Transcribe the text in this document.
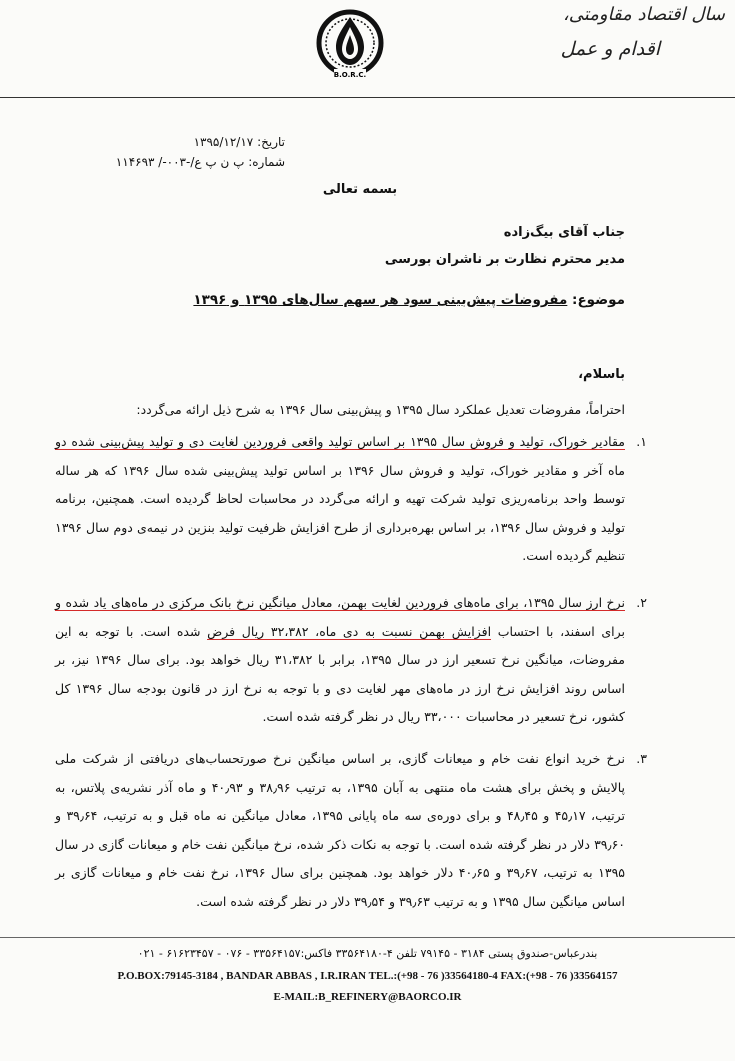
سال اقتصاد مقاومتی،
اقدام و عمل
B.O.R.C.
تاریخ: ۱۳۹۵/۱۲/۱۷
شماره: پ ن پ ع/-۰۰۳-/ ۱۱۴۶۹۳
بسمه تعالی
جناب آقای بیگ‌زاده
مدیر محترم نظارت بر ناشران بورسی
موضوع: مفروضات پیش‌بینی سود هر سهم سال‌های ۱۳۹۵ و ۱۳۹۶
باسلام،
احتراماً، مفروضات تعدیل عملکرد سال ۱۳۹۵ و پیش‌بینی سال ۱۳۹۶ به شرح ذیل ارائه می‌گردد:
۱.
مقادیر خوراک، تولید و فروش سال ۱۳۹۵ بر اساس تولید واقعی فروردین لغایت دی و تولید پیش‌بینی شده دو ماه آخر و مقادیر خوراک، تولید و فروش سال ۱۳۹۶ بر اساس تولید پیش‌بینی شده سال ۱۳۹۶ که هر ساله توسط واحد برنامه‌ریزی تولید شرکت تهیه و ارائه می‌گردد در محاسبات لحاظ گردیده است. همچنین، برنامه تولید و فروش سال ۱۳۹۶، بر اساس بهره‌برداری از طرح افزایش ظرفیت تولید بنزین در نیمه‌ی دوم سال ۱۳۹۶ تنظیم گردیده است.
۲.
نرخ ارز سال ۱۳۹۵، برای ماه‌های فروردین لغایت بهمن، معادل میانگین نرخ بانک مرکزی در ماه‌های یاد شده و برای اسفند، با احتساب افزایش بهمن نسبت به دی ماه، ۳۲،۳۸۲ ریال فرض شده است. با توجه به این مفروضات، میانگین نرخ تسعیر ارز در سال ۱۳۹۵، برابر با ۳۱،۳۸۲ ریال خواهد بود. برای سال ۱۳۹۶ نیز، بر اساس روند افزایش نرخ ارز در ماه‌های مهر لغایت دی و با توجه به نرخ ارز در قانون بودجه سال ۱۳۹۶ کل کشور، نرخ تسعیر در محاسبات ۳۳،۰۰۰ ریال در نظر گرفته شده است.
۳.
نرخ خرید انواع نفت خام و میعانات گازی، بر اساس میانگین نرخ صورتحساب‌های دریافتی از شرکت ملی پالایش و پخش برای هشت ماه منتهی به آبان ۱۳۹۵، به ترتیب ۳۸٫۹۶ و ۴۰٫۹۳ و ماه آذر نشریه‌ی پلاتس، به ترتیب، ۴۵٫۱۷ و ۴۸٫۴۵ و برای دوره‌ی سه ماه پایانی ۱۳۹۵، معادل میانگین نه ماه قبل و به ترتیب، ۳۹٫۶۴ و ۳۹٫۶۰ دلار در نظر گرفته شده است. با توجه به نکات ذکر شده، نرخ میانگین نفت خام و میعانات گازی در سال ۱۳۹۵ به ترتیب، ۳۹٫۶۷ و ۴۰٫۶۵ دلار خواهد بود. همچنین برای سال ۱۳۹۶، نرخ نفت خام و میعانات گازی بر اساس میانگین سال ۱۳۹۵ و به ترتیب ۳۹٫۶۳ و ۳۹٫۵۴ دلار در نظر گرفته شده است.
بندرعباس-صندوق پستی ۳۱۸۴ - ۷۹۱۴۵ تلفن ۴-۳۳۵۶۴۱۸۰ فاکس:۳۳۵۶۴۱۵۷ - ۰۷۶ - ۶۱۶۲۳۴۵۷ - ۰۲۱
P.O.BOX:79145-3184 , BANDAR ABBAS , I.R.IRAN TEL.:(+98 - 76 )33564180-4 FAX:(+98 - 76 )33564157
E-MAIL:B_REFINERY@BAORCO.IR
